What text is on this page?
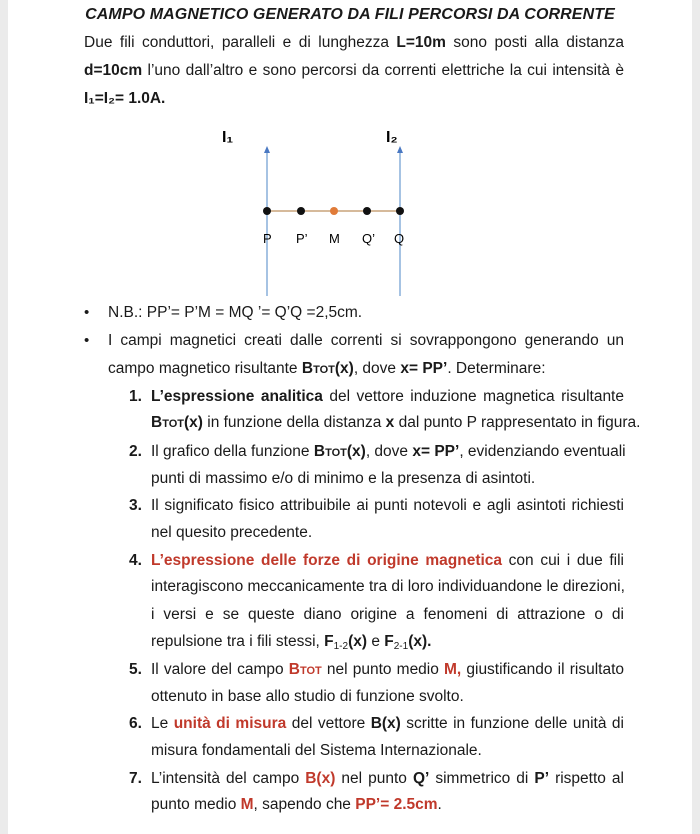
CAMPO MAGNETICO GENERATO DA FILI PERCORSI DA CORRENTE
Due fili conduttori, paralleli e di lunghezza L=10m sono posti alla distanza
d=10cm l’uno dall’altro e sono percorsi da correnti elettriche la cui intensità è
I₁=I₂= 1.0A.
I₁	I₂
P P’ M Q’ Q
• N.B.: PP’= P’M = MQ ’= Q’Q =2,5cm.
• I campi magnetici creati dalle correnti si sovrappongono generando un
campo magnetico risultante BTOT(x), dove x= PP’. Determinare:
1. L’espressione analitica del vettore induzione magnetica risultante
BTOT(x) in funzione della distanza x dal punto P rappresentato in figura.
2. Il grafico della funzione BTOT(x), dove x= PP’, evidenziando eventuali
punti di massimo e/o di minimo e la presenza di asintoti.
3. Il significato fisico attribuibile ai punti notevoli e agli asintoti richiesti
nel quesito precedente.
4. L’espressione delle forze di origine magnetica con cui i due fili
interagiscono meccanicamente tra di loro individuandone le direzioni,
i versi e se queste diano origine a fenomeni di attrazione o di
repulsione tra i fili stessi, $F_{1-2}(x)$ e $F_{2-1}(x)$.
5. Il valore del campo BTOT nel punto medio M, giustificando il risultato
ottenuto in base allo studio di funzione svolto.
6. Le unità di misura del vettore B(x) scritte in funzione delle unità di
misura fondamentali del Sistema Internazionale.
7. L’intensità del campo B(x) nel punto Q’ simmetrico di P’ rispetto al
punto medio M, sapendo che PP’= 2.5cm.
